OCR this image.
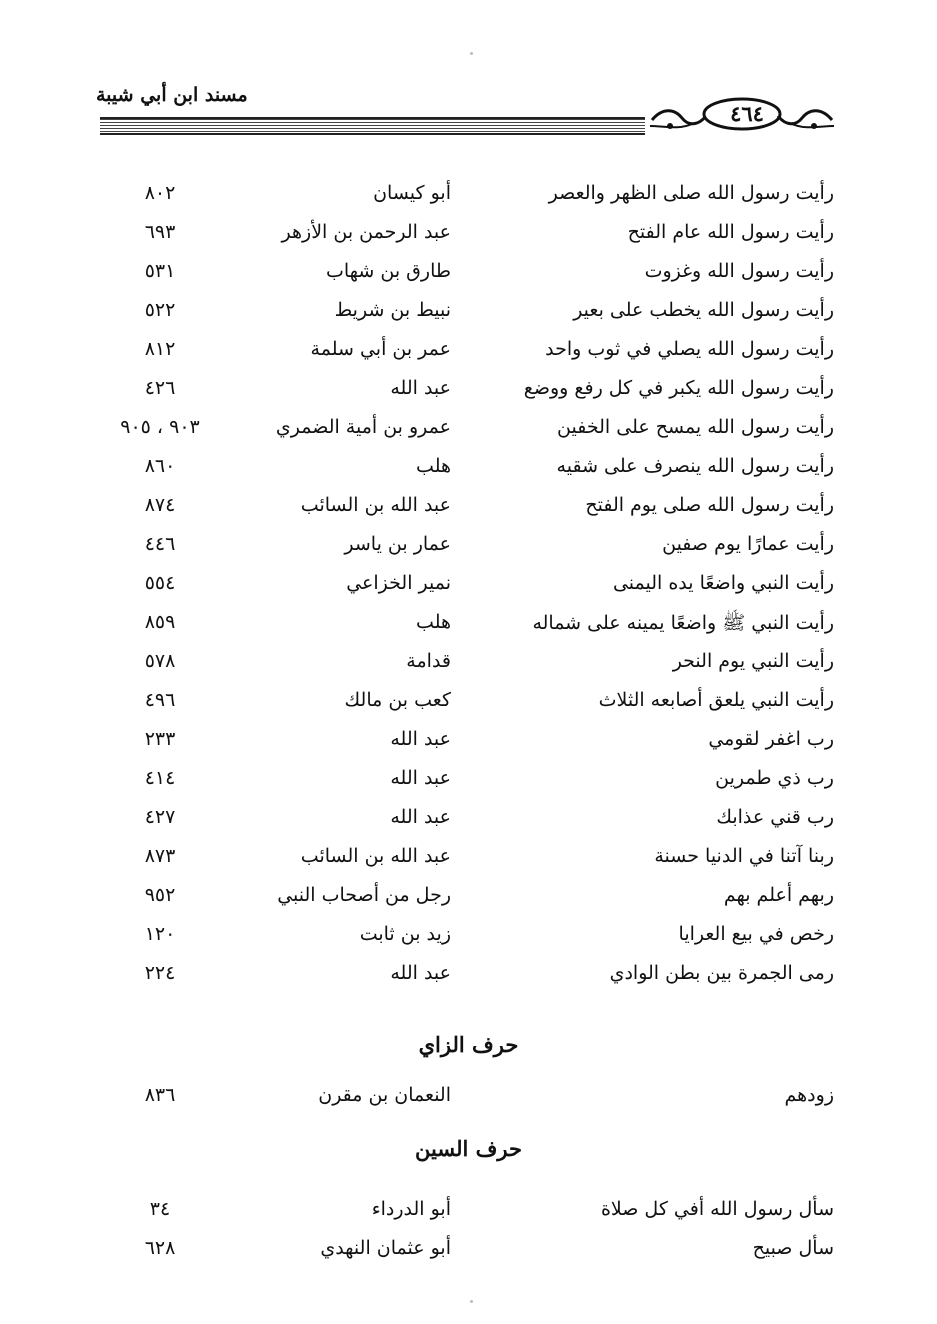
مسند ابن أبي شيبة
٤٦٤
رأيت رسول الله صلى الظهر والعصر
أبو كيسان
٨٠٢
رأيت رسول الله عام الفتح
عبد الرحمن بن الأزهر
٦٩٣
رأيت رسول الله وغزوت
طارق بن شهاب
٥٣١
رأيت رسول الله يخطب على بعير
نبيط بن شريط
٥٢٢
رأيت رسول الله يصلي في ثوب واحد
عمر بن أبي سلمة
٨١٢
رأيت رسول الله يكبر في كل رفع ووضع
عبد الله
٤٢٦
رأيت رسول الله يمسح على الخفين
عمرو بن أمية الضمري
٩٠٣ ، ٩٠٥
رأيت رسول الله ينصرف على شقيه
هلب
٨٦٠
رأيت رسول الله صلى يوم الفتح
عبد الله بن السائب
٨٧٤
رأيت عمارًا يوم صفين
عمار بن ياسر
٤٤٦
رأيت النبي واضعًا يده اليمنى
نمير الخزاعي
٥٥٤
رأيت النبي ﷺ واضعًا يمينه على شماله
هلب
٨٥٩
رأيت النبي يوم النحر
قدامة
٥٧٨
رأيت النبي يلعق أصابعه الثلاث
كعب بن مالك
٤٩٦
رب اغفر لقومي
عبد الله
٢٣٣
رب ذي طمرين
عبد الله
٤١٤
رب قني عذابك
عبد الله
٤٢٧
ربنا آتنا في الدنيا حسنة
عبد الله بن السائب
٨٧٣
ربهم أعلم بهم
رجل من أصحاب النبي
٩٥٢
رخص في بيع العرايا
زيد بن ثابت
١٢٠
رمى الجمرة بين بطن الوادي
عبد الله
٢٢٤
حرف الزاي
زودهم
النعمان بن مقرن
٨٣٦
حرف السين
سأل رسول الله أفي كل صلاة
أبو الدرداء
٣٤
سأل صبيح
أبو عثمان النهدي
٦٢٨
